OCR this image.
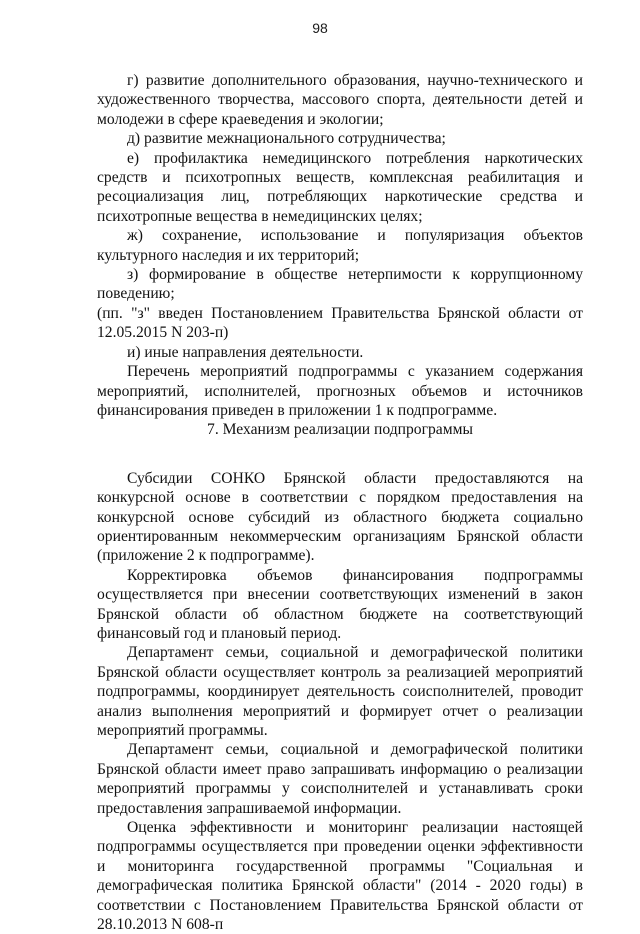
98

г) развитие дополнительного образования, научно-технического и художественного творчества, массового спорта, деятельности детей и молодежи в сфере краеведения и экологии;

д) развитие межнационального сотрудничества;

е) профилактика немедицинского потребления наркотических средств и психотропных веществ, комплексная реабилитация и ресоциализация лиц, потребляющих наркотические средства и психотропные вещества в немедицинских целях;

ж) сохранение, использование и популяризация объектов культурного наследия и их территорий;

з) формирование в обществе нетерпимости к коррупционному поведению;

(пп. "з" введен Постановлением Правительства Брянской области от 12.05.2015 N 203-п)

и) иные направления деятельности.

Перечень мероприятий подпрограммы с указанием содержания мероприятий, исполнителей, прогнозных объемов и источников финансирования приведен в приложении 1 к подпрограмме.

7. Механизм реализации подпрограммы

Субсидии СОНКО Брянской области предоставляются на конкурсной основе в соответствии с порядком предоставления на конкурсной основе субсидий из областного бюджета социально ориентированным некоммерческим организациям Брянской области (приложение 2 к подпрограмме).

Корректировка объемов финансирования подпрограммы осуществляется при внесении соответствующих изменений в закон Брянской области об областном бюджете на соответствующий финансовый год и плановый период.

Департамент семьи, социальной и демографической политики Брянской области осуществляет контроль за реализацией мероприятий подпрограммы, координирует деятельность соисполнителей, проводит анализ выполнения мероприятий и формирует отчет о реализации мероприятий программы.

Департамент семьи, социальной и демографической политики Брянской области имеет право запрашивать информацию о реализации мероприятий программы у соисполнителей и устанавливать сроки предоставления запрашиваемой информации.

Оценка эффективности и мониторинг реализации настоящей подпрограммы осуществляется при проведении оценки эффективности и мониторинга государственной программы "Социальная и демографическая политика Брянской области" (2014 - 2020 годы) в соответствии с Постановлением Правительства Брянской области от 28.10.2013 N 608-п
